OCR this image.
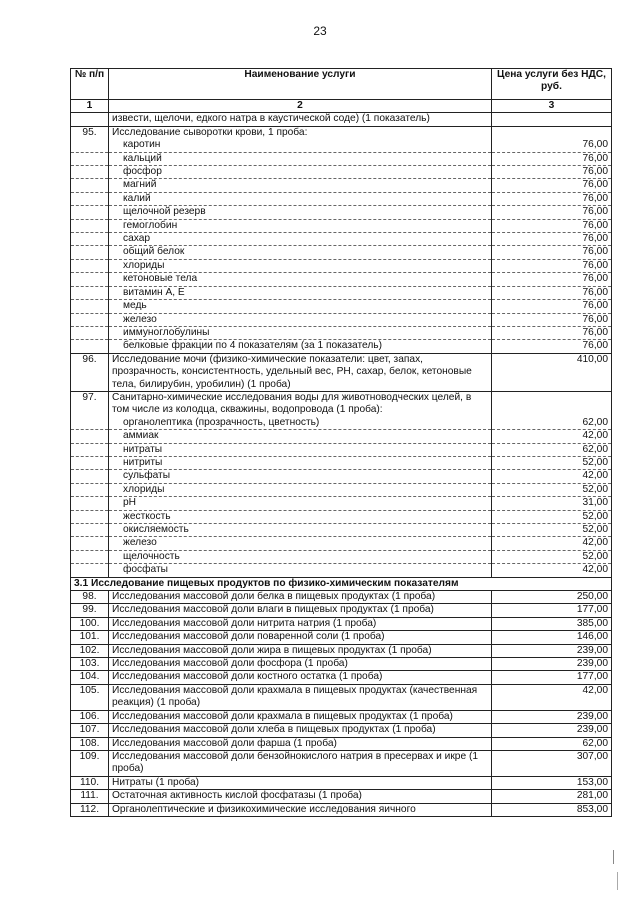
23
№ п/п	Наименование услуги	Цена услуги без НДС, руб.
1	2	3
	извести, щелочи, едкого натра в каустической соде) (1 показатель)	
95.	Исследование сыворотки крови, 1 проба:	
	каротин	76,00
	кальций	76,00
	фосфор	76,00
	магний	76,00
	калий	76,00
	щелочной резерв	76,00
	гемоглобин	76,00
	сахар	76,00
	общий белок	76,00
	хлориды	76,00
	кетоновые тела	76,00
	витамин А, Е	76,00
	медь	76,00
	железо	76,00
	иммуноглобулины	76,00
	белковые фракции по 4 показателям (за 1 показатель)	76,00
96.	Исследование мочи (физико-химические показатели: цвет, запах, прозрачность, консистентность, удельный вес, РН, сахар, белок, кетоновые тела, билирубин, уробилин) (1 проба)	410,00
97.	Санитарно-химические исследования воды для животноводческих целей, в том числе из колодца, скважины, водопровода (1 проба):	
	органолептика (прозрачность, цветность)	62,00
	аммиак	42,00
	нитраты	62,00
	нитриты	52,00
	сульфаты	42,00
	хлориды	52,00
	рН	31,00
	жесткость	52,00
	окисляемость	52,00
	железо	42,00
	щелочность	52,00
	фосфаты	42,00
3.1 Исследование пищевых продуктов по физико-химическим показателям		
98.	Исследования массовой доли белка в пищевых продуктах (1 проба)	250,00
99.	Исследования массовой доли влаги в пищевых продуктах (1 проба)	177,00
100.	Исследования массовой доли нитрита натрия (1 проба)	385,00
101.	Исследования массовой доли поваренной соли (1 проба)	146,00
102.	Исследования массовой доли жира в пищевых продуктах (1 проба)	239,00
103.	Исследования массовой доли фосфора (1 проба)	239,00
104.	Исследования массовой доли костного остатка (1 проба)	177,00
105.	Исследования массовой доли крахмала в пищевых продуктах (качественная реакция) (1 проба)	42,00
106.	Исследования массовой доли крахмала в пищевых продуктах (1 проба)	239,00
107.	Исследования массовой доли хлеба в пищевых продуктах (1 проба)	239,00
108.	Исследования массовой доли фарша (1 проба)	62,00
109.	Исследования массовой доли бензойнокислого натрия в пресервах и икре (1 проба)	307,00
110.	Нитраты (1 проба)	153,00
111.	Остаточная активность кислой фосфатазы (1 проба)	281,00
112.	Органолептические и физикохимические исследования яичного	853,00
